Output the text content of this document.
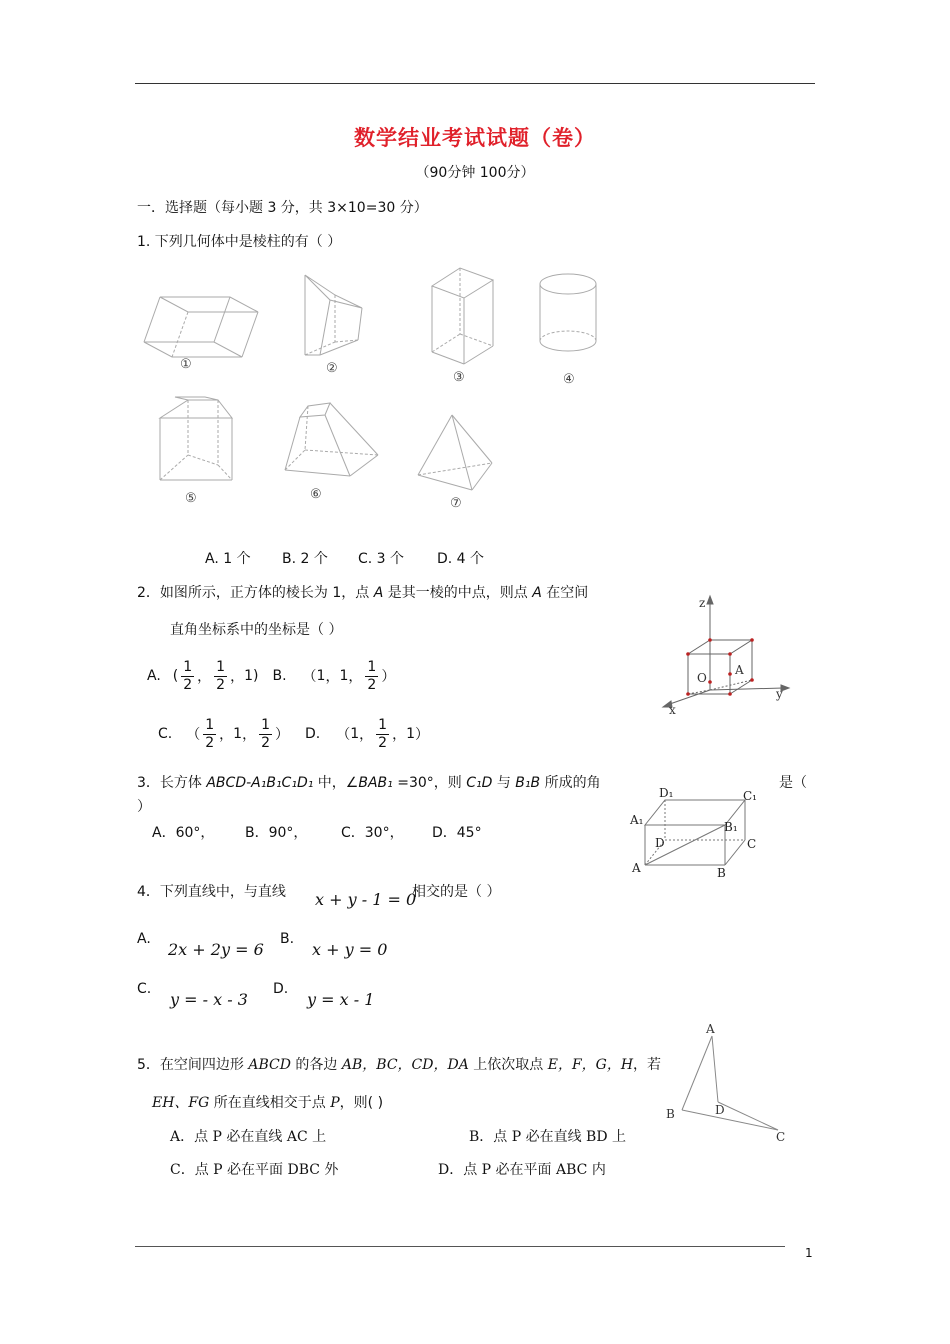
数学结业考试试题（卷）
（90分钟 100分）
一．选择题（每小题 3 分，共 3×10=30 分）
1. 下列几何体中是棱柱的有（ ）
①	②
③	④
⑤	⑥
⑦
A. 1 个 B. 2 个 C. 3 个 D. 4 个
2．如图所示，正方体的棱长为 1，点 A 是其一棱的中点，则点 A 在空间
直角坐标系中的坐标是（ ）
A. ( $\frac{1}{2}$ ， $\frac{1}{2}$ ， 1 ) B. （ 1 ， 1 ， $\frac{1}{2}$ ）
C. （ $\frac{1}{2}$ ， 1 ， $\frac{1}{2}$ ） D. （ 1 ， $\frac{1}{2}$ ， 1 ）
z
y
x
O
A
3．长方体 ABCD-A₁B₁C₁D₁ 中，∠BAB₁ =30°，则 C₁D 与 B₁B 所成的角	是（
）
A．60°， B．90°， C．30°， D．45°
D₁	C₁
A₁	B₁
D	C
A	B
4．下列直线中，与直线 x + y - 1 = 0
相交的是（ ）
A.
2x + 2y = 6
B.
x + y = 0
C.
y = - x - 3
D.
y = x - 1
5．在空间四边形 ABCD 的各边 AB，BC，CD，DA 上依次取点 E，F，G，H，若
EH、FG 所在直线相交于点 P，则( )
A．点 P 必在直线 AC 上	B．点 P 必在直线 BD 上
C．点 P 必在平面 DBC 外	D．点 P 必在平面 ABC 内
A
B	D
C
1
